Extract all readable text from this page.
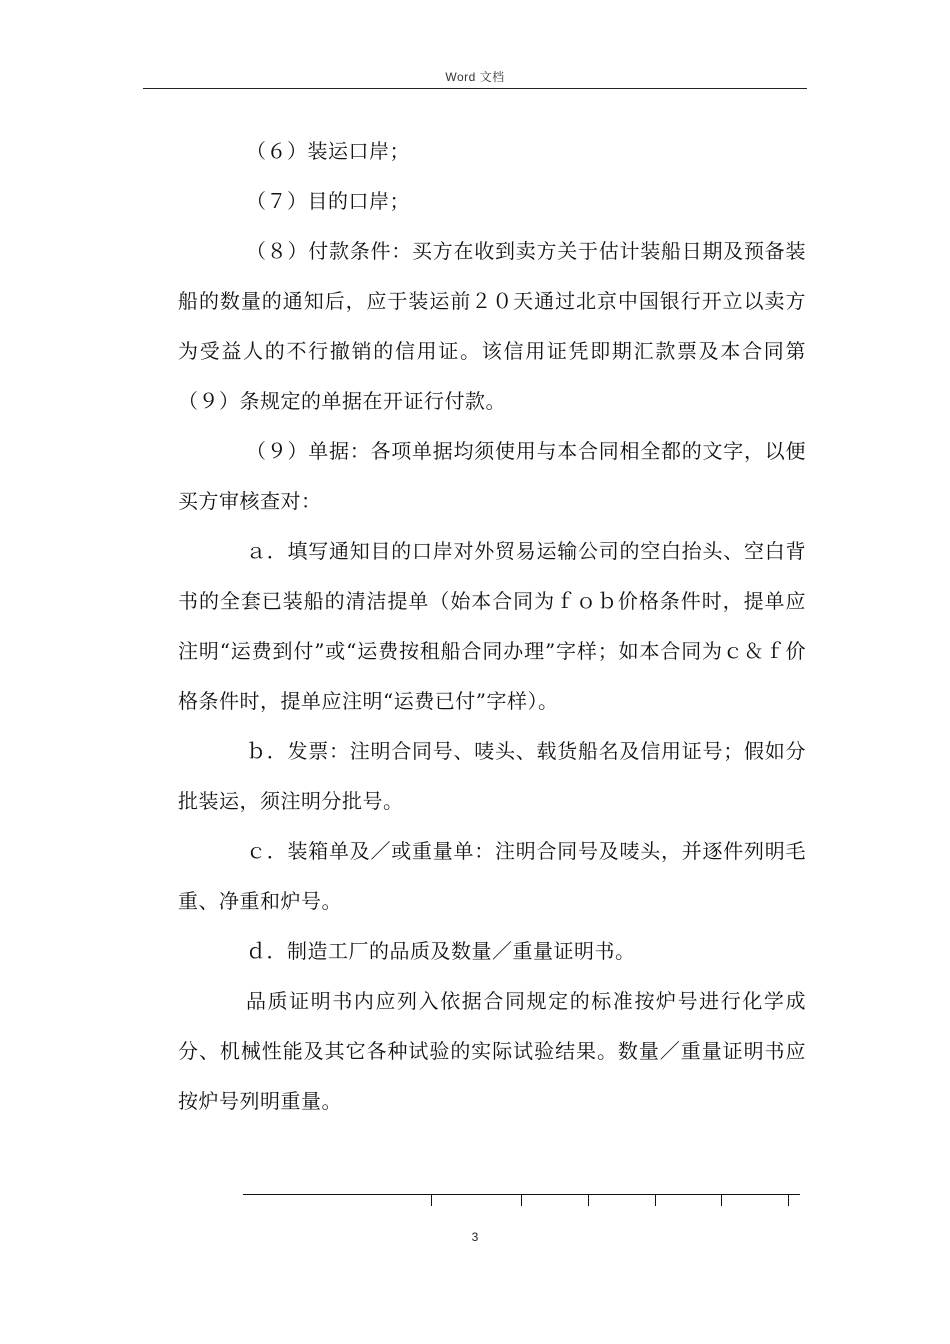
Word 文档

（６）装运口岸；

（７）目的口岸；

（８）付款条件：买方在收到卖方关于估计装船日期及预备装船的数量的通知后，应于装运前２０天通过北京中国银行开立以卖方为受益人的不行撤销的信用证。该信用证凭即期汇款票及本合同第（９）条规定的单据在开证行付款。

（９）单据：各项单据均须使用与本合同相全都的文字，以便买方审核查对：

ａ．填写通知目的口岸对外贸易运输公司的空白抬头、空白背书的全套已装船的清洁提单（始本合同为ｆｏｂ价格条件时，提单应注明“运费到付”或“运费按租船合同办理”字样；如本合同为ｃ＆ｆ价格条件时，提单应注明“运费已付”字样）。

ｂ．发票：注明合同号、唛头、载货船名及信用证号；假如分批装运，须注明分批号。

ｃ．装箱单及／或重量单：注明合同号及唛头，并逐件列明毛重、净重和炉号。

ｄ．制造工厂的品质及数量／重量证明书。

品质证明书内应列入依据合同规定的标准按炉号进行化学成分、机械性能及其它各种试验的实际试验结果。数量／重量证明书应按炉号列明重量。

3
